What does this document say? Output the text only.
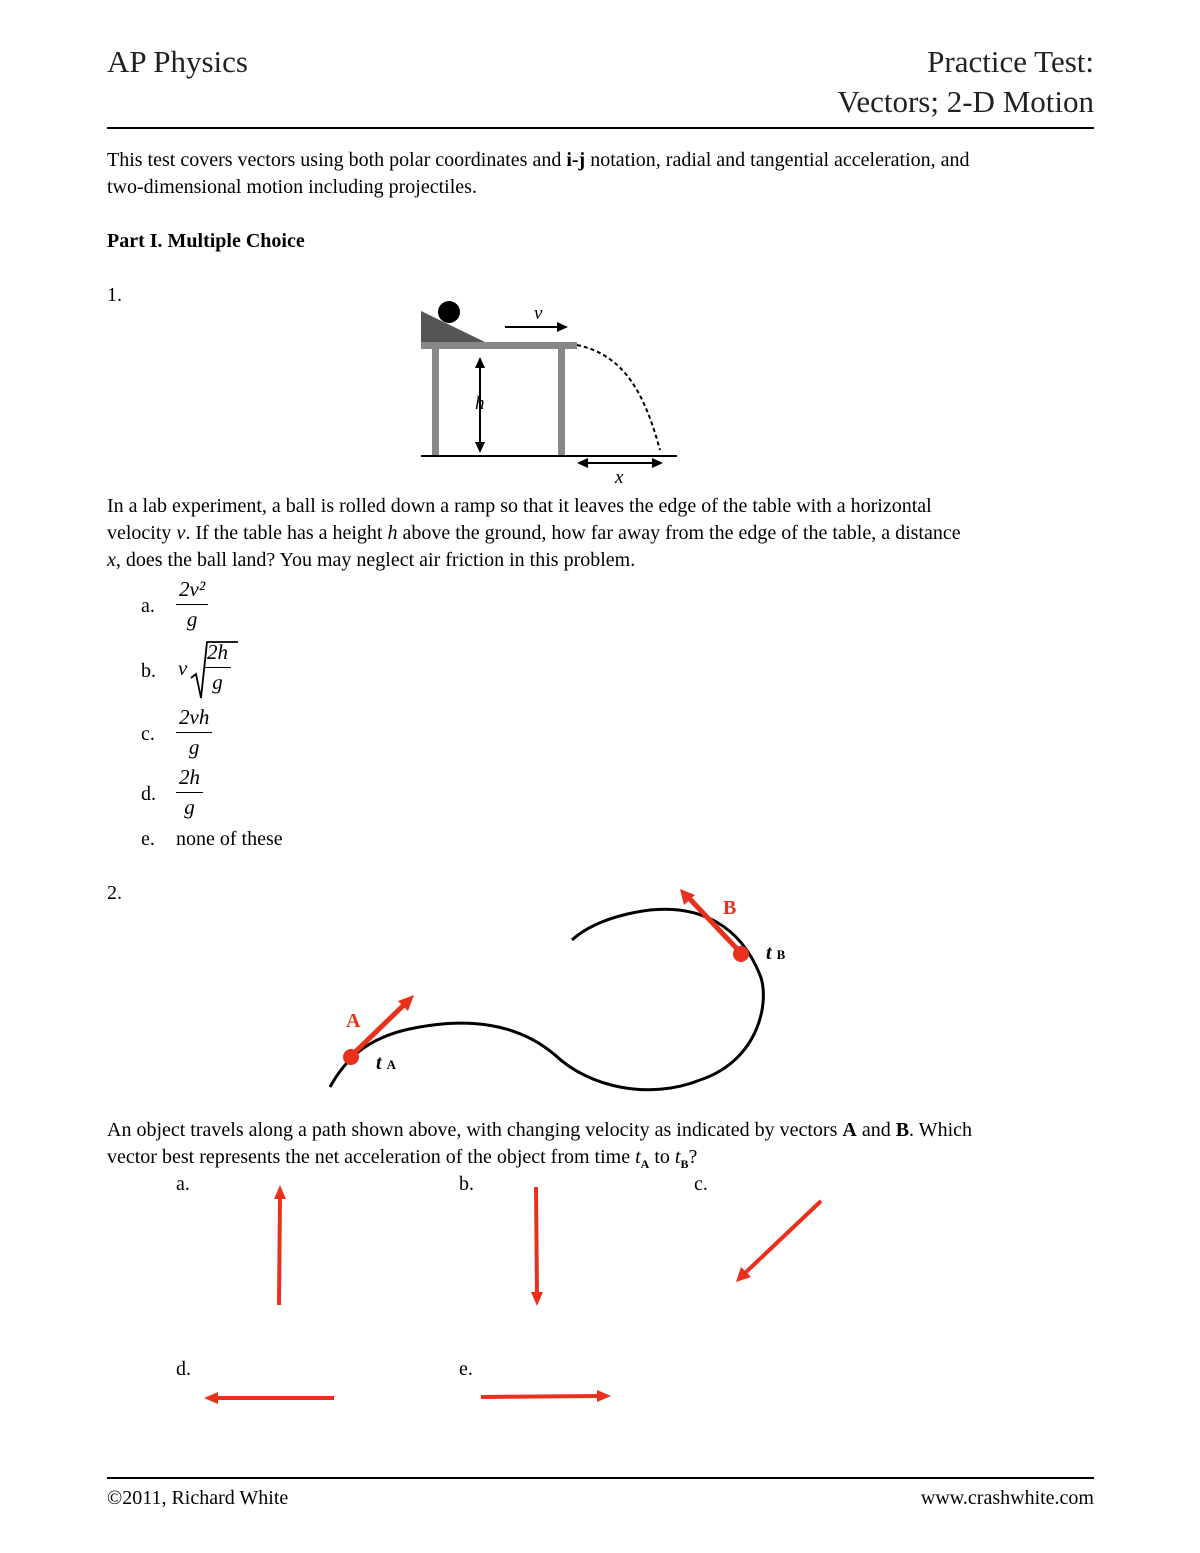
AP Physics	Practice Test:
Vectors; 2-D Motion
This test covers vectors using both polar coordinates and i-j notation, radial and tangential acceleration, and
two-dimensional motion including projectiles.
Part I. Multiple Choice
1.
v
h
x
In a lab experiment, a ball is rolled down a ramp so that it leaves the edge of the table with a horizontal
velocity v. If the table has a height h above the ground, how far away from the edge of the table, a distance
x, does the ball land? You may neglect air friction in this problem.
a.
2v²
g
b. v
2h
g
c.
2vh
g
d.
2h
g
e. none of these
2.
A
B
t A
t B
An object travels along a path shown above, with changing velocity as indicated by vectors A and B. Which
vector best represents the net acceleration of the object from time $t_A$ to $t_B$?
a.	b.	c.
d.	e.
©2011, Richard White	www.crashwhite.com
